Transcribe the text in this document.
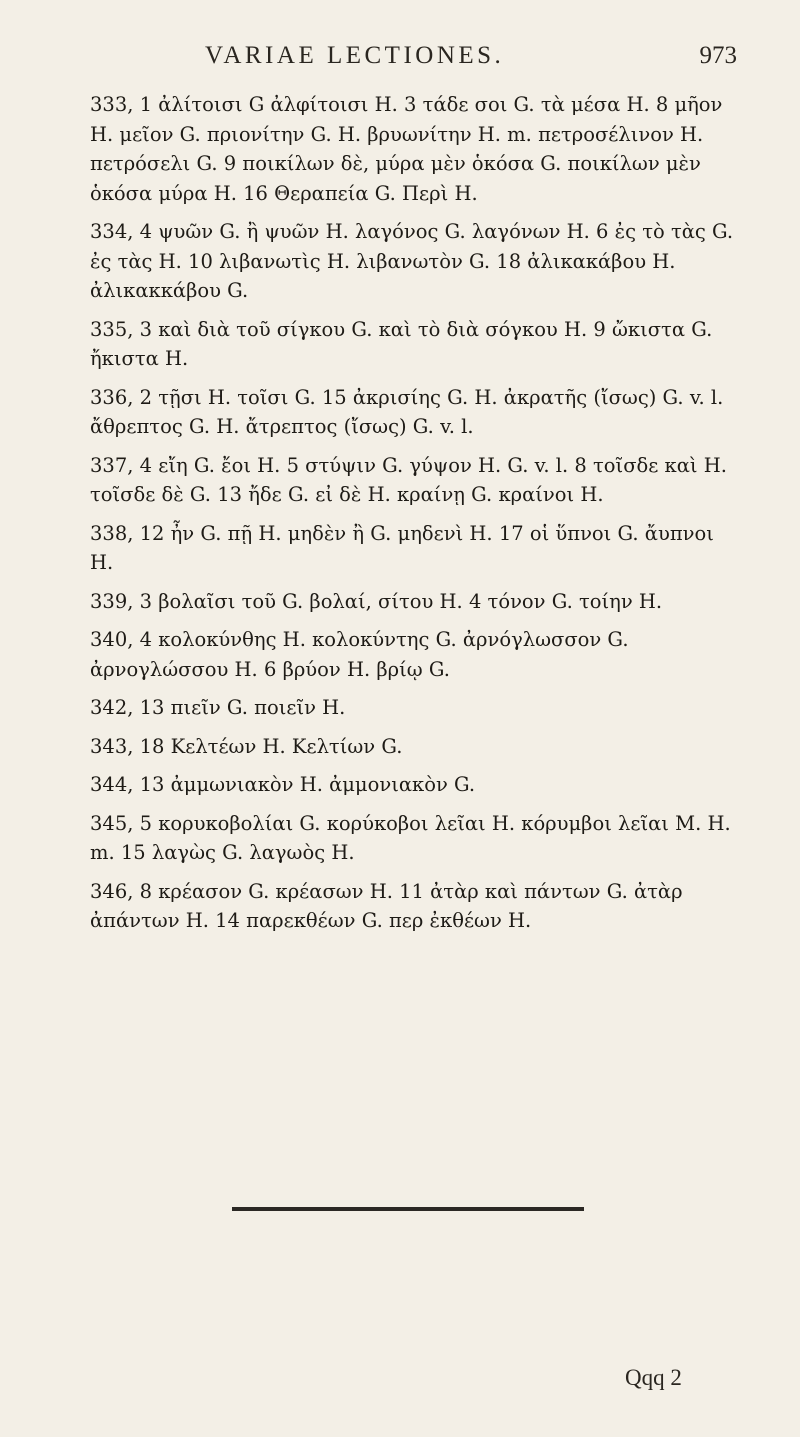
VARIAE LECTIONES.	973

333, 1 ἀλίτοισι G ἀλφίτοισι H. 3 τάδε σοι G. τὰ μέσα H. 8 μῆον H. μεῖον G. πριονίτην G. H. βρυωνίτην H. m. πετροσέλινον H. πετρόσελι G. 9 ποικίλων δὲ, μύρα μὲν ὁκόσα G. ποικίλων μὲν ὁκόσα μύρα H. 16 Θεραπεία G. Περὶ H.

334, 4 ψυῶν G. ἢ ψυῶν H. λαγόνος G. λαγόνων H. 6 ἐς τὸ τὰς G. ἐς τὰς H. 10 λιβανωτὶς H. λιβανωτὸν G. 18 ἀλικακάβου H. ἀλικακκάβου G.

335, 3 καὶ διὰ τοῦ σίγκου G. καὶ τὸ διὰ σόγκου H. 9 ὤκιστα G. ἤκιστα H.

336, 2 τῇσι H. τοῖσι G. 15 ἀκρισίης G. H. ἀκρατῆς (ἴσως) G. v. l. ἄθρεπτος G. H. ἄτρεπτος (ἴσως) G. v. l.

337, 4 εἴη G. ἔοι H. 5 στύψιν G. γύψον H. G. v. l. 8 τοῖσδε καὶ H. τοῖσδε δὲ G. 13 ἤδε G. εἰ δὲ H. κραίνῃ G. κραίνοι H.

338, 12 ἦν G. πῇ H. μηδὲν ἢ G. μηδενὶ H. 17 οἱ ὕπνοι G. ἄυπνοι H.

339, 3 βολαῖσι τοῦ G. βολαί, σίτου H. 4 τόνον G. τοίην H.

340, 4 κολοκύνθης H. κολοκύντης G. ἀρνόγλωσσον G. ἀρνογλώσσου H. 6 βρύον H. βρίῳ G.

342, 13 πιεῖν G. ποιεῖν H.

343, 18 Κελτέων H. Κελτίων G.

344, 13 ἀμμωνιακὸν H. ἀμμονιακὸν G.

345, 5 κορυκοβολίαι G. κορύκοβοι λεῖαι H. κόρυμβοι λεῖαι M. H. m. 15 λαγὼς G. λαγωὸς H.

346, 8 κρέασον G. κρέασων H. 11 ἀτὰρ καὶ πάντων G. ἀτὰρ ἀπάντων H. 14 παρεκθέων G. περ ἐκθέων H.

Qqq 2
